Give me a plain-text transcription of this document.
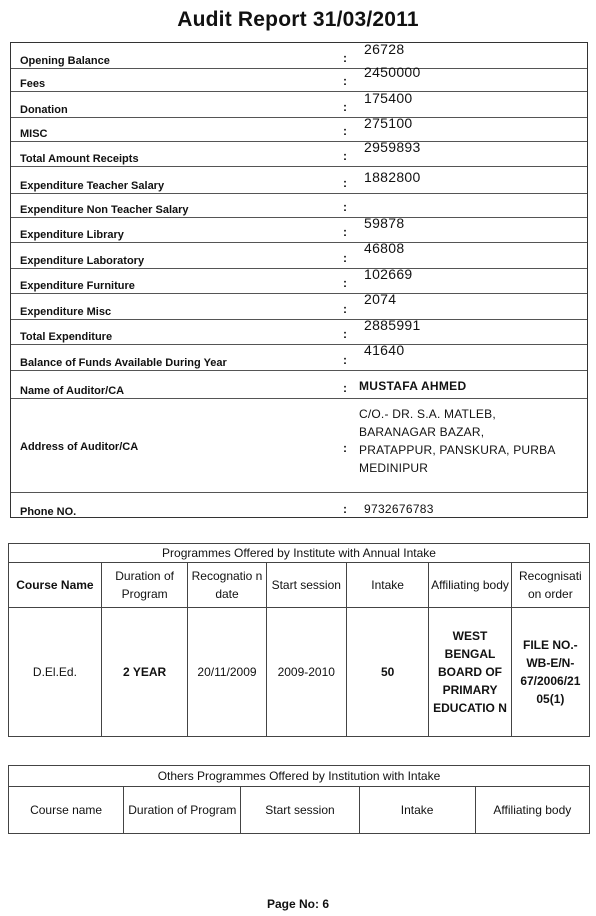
Audit Report 31/03/2011
Opening Balance	:
26728
Fees	:
2450000
Donation	:
175400
MISC	: 275100
Total Amount Receipts	:
2959893
Expenditure Teacher Salary	: 1882800
Expenditure Non Teacher Salary	:
Expenditure Library	:
59878
Expenditure Laboratory	:
46808
Expenditure Furniture	:
102669
Expenditure Misc	:
2074
Total Expenditure	:
2885991
Balance of Funds Available During Year	:
41640
Name of Auditor/CA	: MUSTAFA AHMED
Address of Auditor/CA	:
C/O.- DR. S.A. MATLEB,
BARANAGAR BAZAR,
PRATAPPUR, PANSKURA, PURBA
MEDINIPUR
Phone NO.	: 9732676783
Programmes Offered by Institute with Annual Intake						
Course Name	Duration of Program	Recognatio n date	Start session	Intake	Affiliating body	Recognisati on order
D.El.Ed.	2 YEAR	20/11/2009	2009-2010	50	WEST BENGAL BOARD OF PRIMARY EDUCATIO N	FILE NO.- WB-E/N- 67/2006/21 05(1)
Others Programmes Offered by Institution with Intake
Course name	Duration of Program	Start session	Intake	Affiliating body
Page No: 6
